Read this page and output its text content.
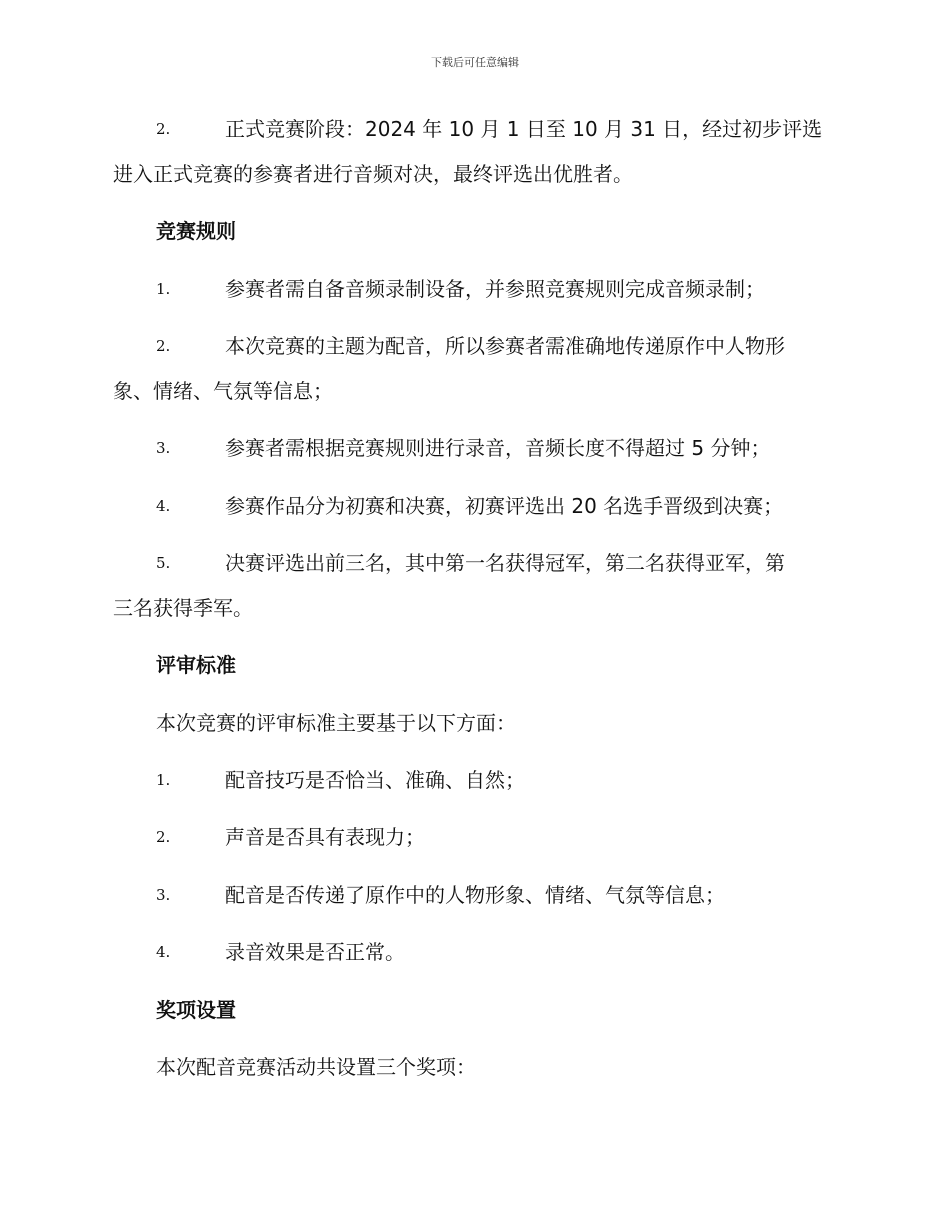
下载后可任意编辑
2.	正式竞赛阶段：2024 年 10 月 1 日至 10 月 31 日，经过初步评选
进入正式竞赛的参赛者进行音频对决，最终评选出优胜者。
竞赛规则
1.	参赛者需自备音频录制设备，并参照竞赛规则完成音频录制；
2.	本次竞赛的主题为配音，所以参赛者需准确地传递原作中人物形
象、情绪、气氛等信息；
3.	参赛者需根据竞赛规则进行录音，音频长度不得超过 5 分钟；
4.	参赛作品分为初赛和决赛，初赛评选出 20 名选手晋级到决赛；
5.	决赛评选出前三名，其中第一名获得冠军，第二名获得亚军，第
三名获得季军。
评审标准
本次竞赛的评审标准主要基于以下方面：
1.	配音技巧是否恰当、准确、自然；
2.	声音是否具有表现力；
3.	配音是否传递了原作中的人物形象、情绪、气氛等信息；
4.	录音效果是否正常。
奖项设置
本次配音竞赛活动共设置三个奖项：
